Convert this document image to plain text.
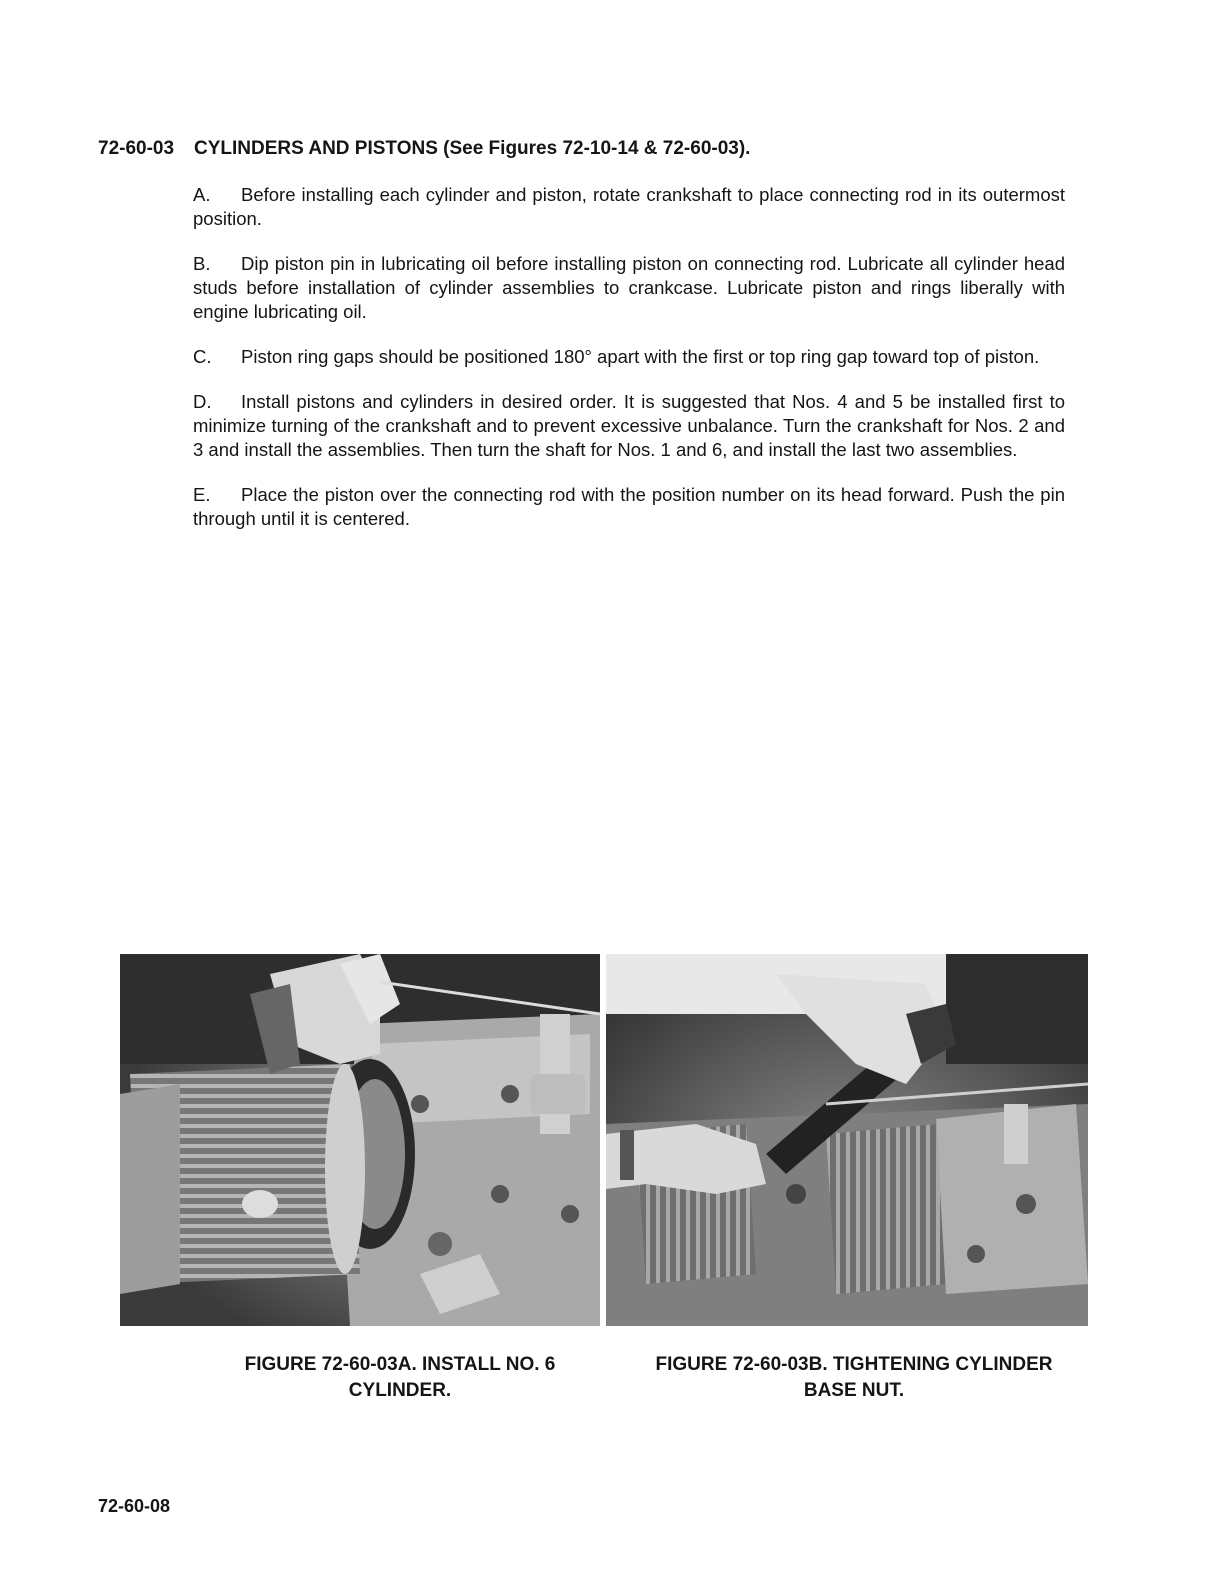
72-60-03 CYLINDERS AND PISTONS (See Figures 72-10-14 & 72-60-03).

A. Before installing each cylinder and piston, rotate crankshaft to place connecting rod in its outermost position.

B. Dip piston pin in lubricating oil before installing piston on connecting rod. Lubricate all cylinder head studs before installation of cylinder assemblies to crankcase. Lubricate piston and rings liberally with engine lubricating oil.

C. Piston ring gaps should be positioned 180° apart with the first or top ring gap toward top of piston.

D. Install pistons and cylinders in desired order. It is suggested that Nos. 4 and 5 be installed first to minimize turning of the crankshaft and to prevent excessive unbalance. Turn the crankshaft for Nos. 2 and 3 and install the assemblies. Then turn the shaft for Nos. 1 and 6, and install the last two assemblies.

E. Place the piston over the connecting rod with the position number on its head forward. Push the pin through until it is centered.

FIGURE 72-60-03A. INSTALL NO. 6
CYLINDER.
FIGURE 72-60-03B. TIGHTENING CYLINDER
BASE NUT.
72-60-08
